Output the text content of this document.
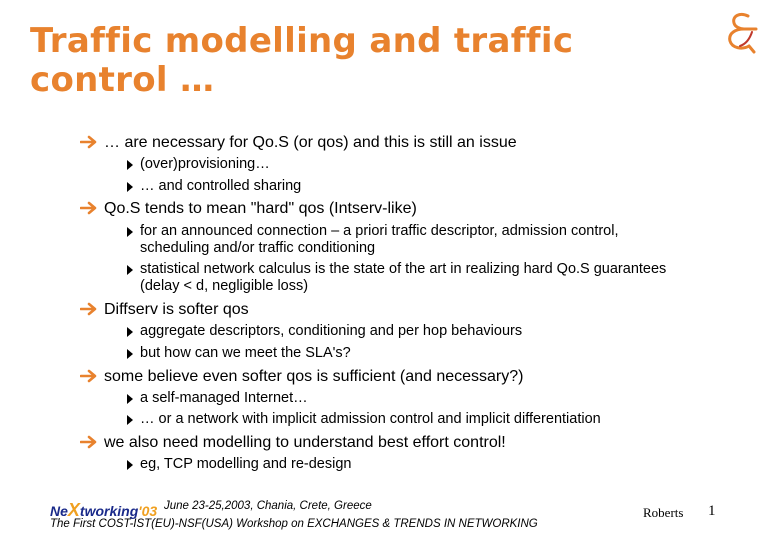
Traffic modelling and traffic control …
… are necessary for Qo.S (or qos) and this is still an issue
(over)provisioning…
… and controlled sharing
Qo.S tends to mean "hard" qos (Intserv-like)
for an announced connection – a priori traffic descriptor, admission control, scheduling and/or traffic conditioning
statistical network calculus is the state of the art in realizing hard Qo.S guarantees (delay < d, negligible loss)
Diffserv is softer qos
aggregate descriptors, conditioning and per hop behaviours
but how can we meet the SLA's?
some believe even softer qos is sufficient (and necessary?)
a self-managed Internet…
… or a network with implicit admission control and implicit differentiation
we also need modelling to understand best effort control!
eg, TCP modelling and re-design
NeXtworking'03 June 23-25,2003, Chania, Crete, Greece
The First COST-IST(EU)-NSF(USA) Workshop on EXCHANGES & TRENDS IN NETWORKING
Roberts 1
